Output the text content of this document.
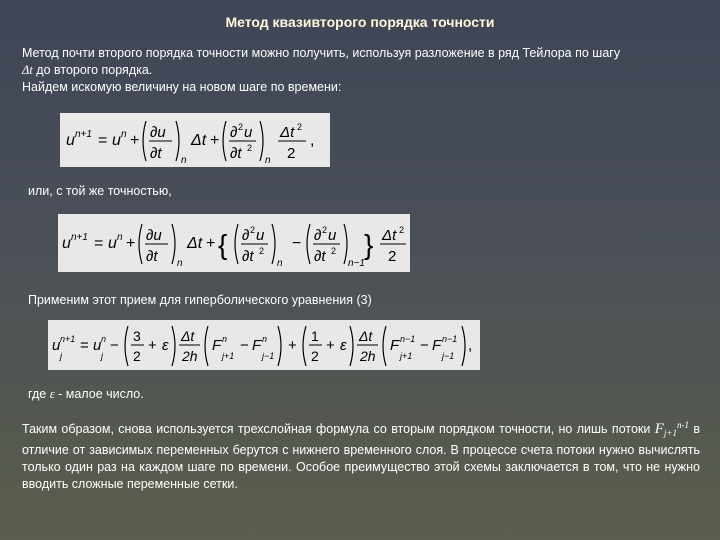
Метод квазивторого порядка точности
Метод почти второго порядка точности можно получить, используя разложение в ряд Тейлора по шагу
Δt до второго порядка.
Найдем искомую величину на новом шаге по времени:
u n+1 = u n + ∂u
∂t n
Δt + ∂ 2 u
∂t 2
n
Δt 2
2
,
или, с той же точностью,
u n+1 = u n + ∂u
∂t n
Δt + { ∂ 2 u
∂t 2
n
− ∂ 2 u
∂t 2
n−1
} Δt 2
2
Применим этот прием для гиперболического уравнения (3)
u n+1
j
= u n
j
−
3
2
+ ε
Δt
2h
F n
j+1
− F n
j−1
+
1
2
+ ε
Δt
2h
F n−1
j+1
− F n−1
j−1
,
где ε - малое число.
Таким образом, снова используется трехслойная формула со вторым порядком точности, но лишь потоки $F_{j+1}^{n-1}$ в отличие от зависимых переменных берутся с нижнего временного слоя. В процессе счета потоки нужно вычислять только один раз на каждом шаге по времени. Особое преимущество этой схемы заключается в том, что не нужно вводить сложные переменные сетки.
